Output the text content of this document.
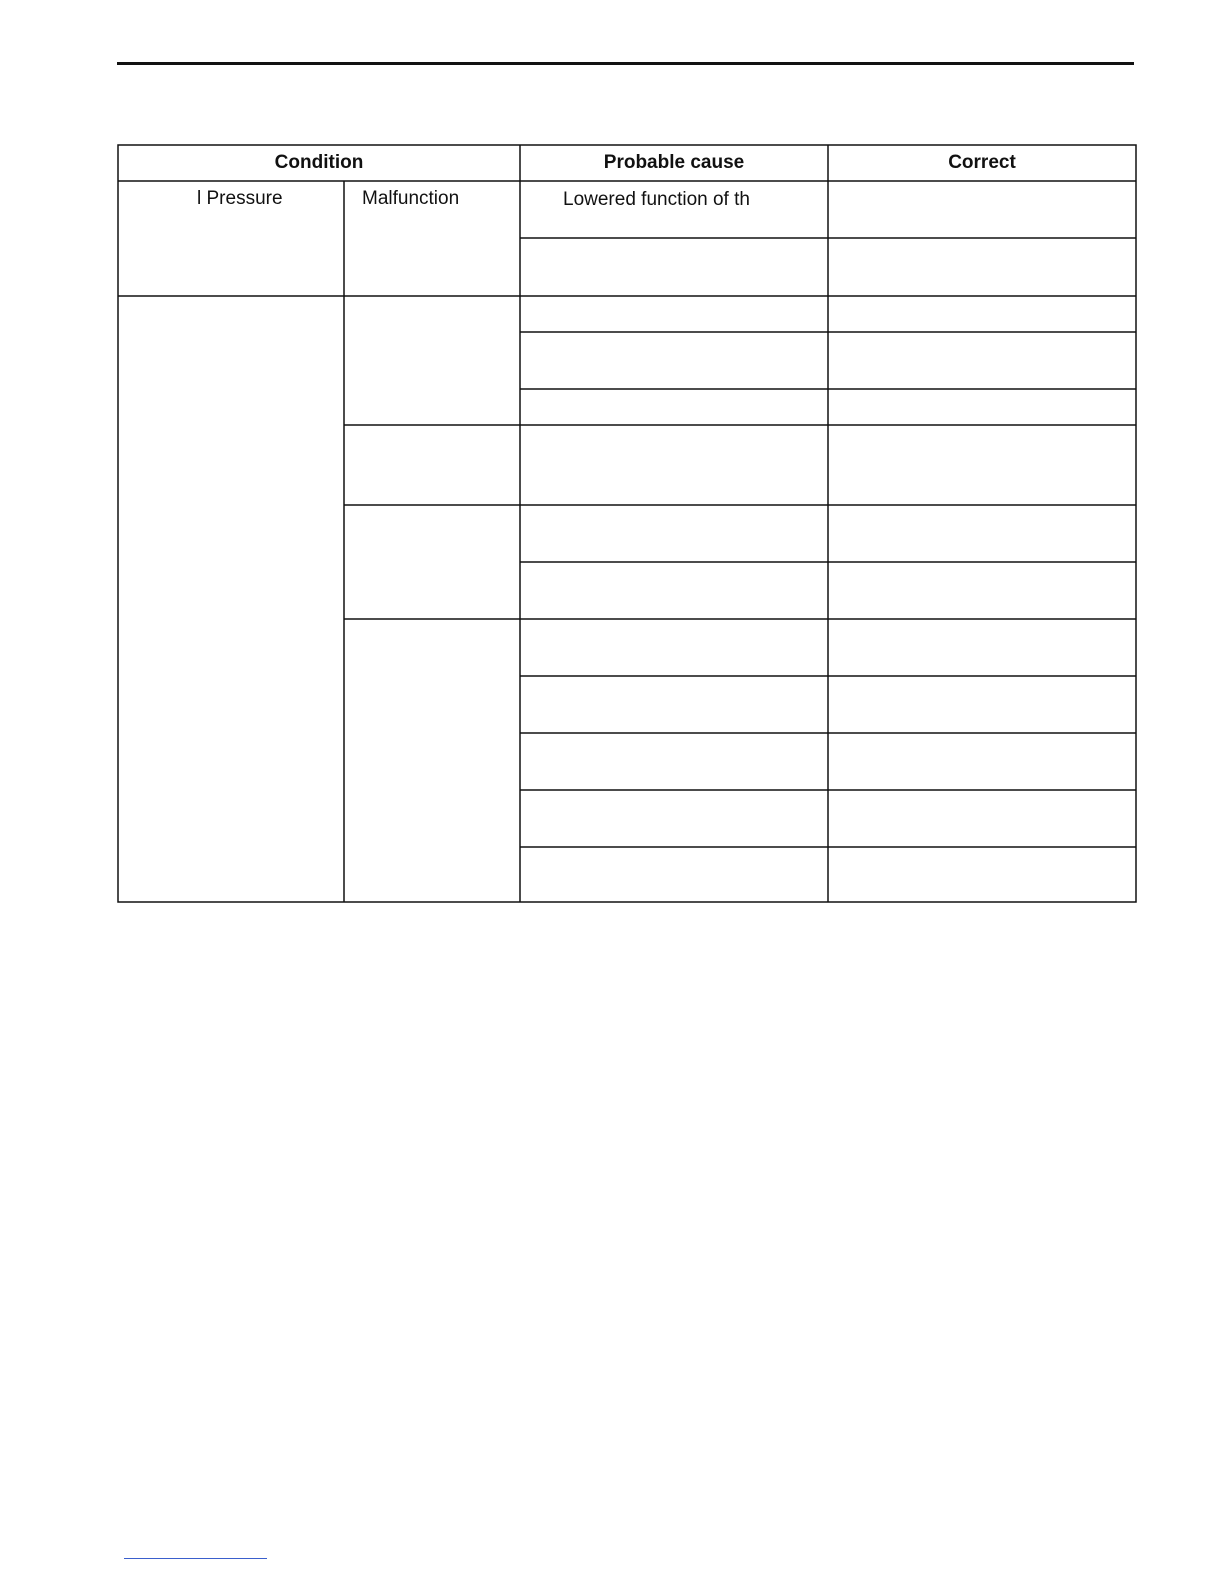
Condition	Probable cause	Correct
l Pressure	Malfunction	Lowered function of th
